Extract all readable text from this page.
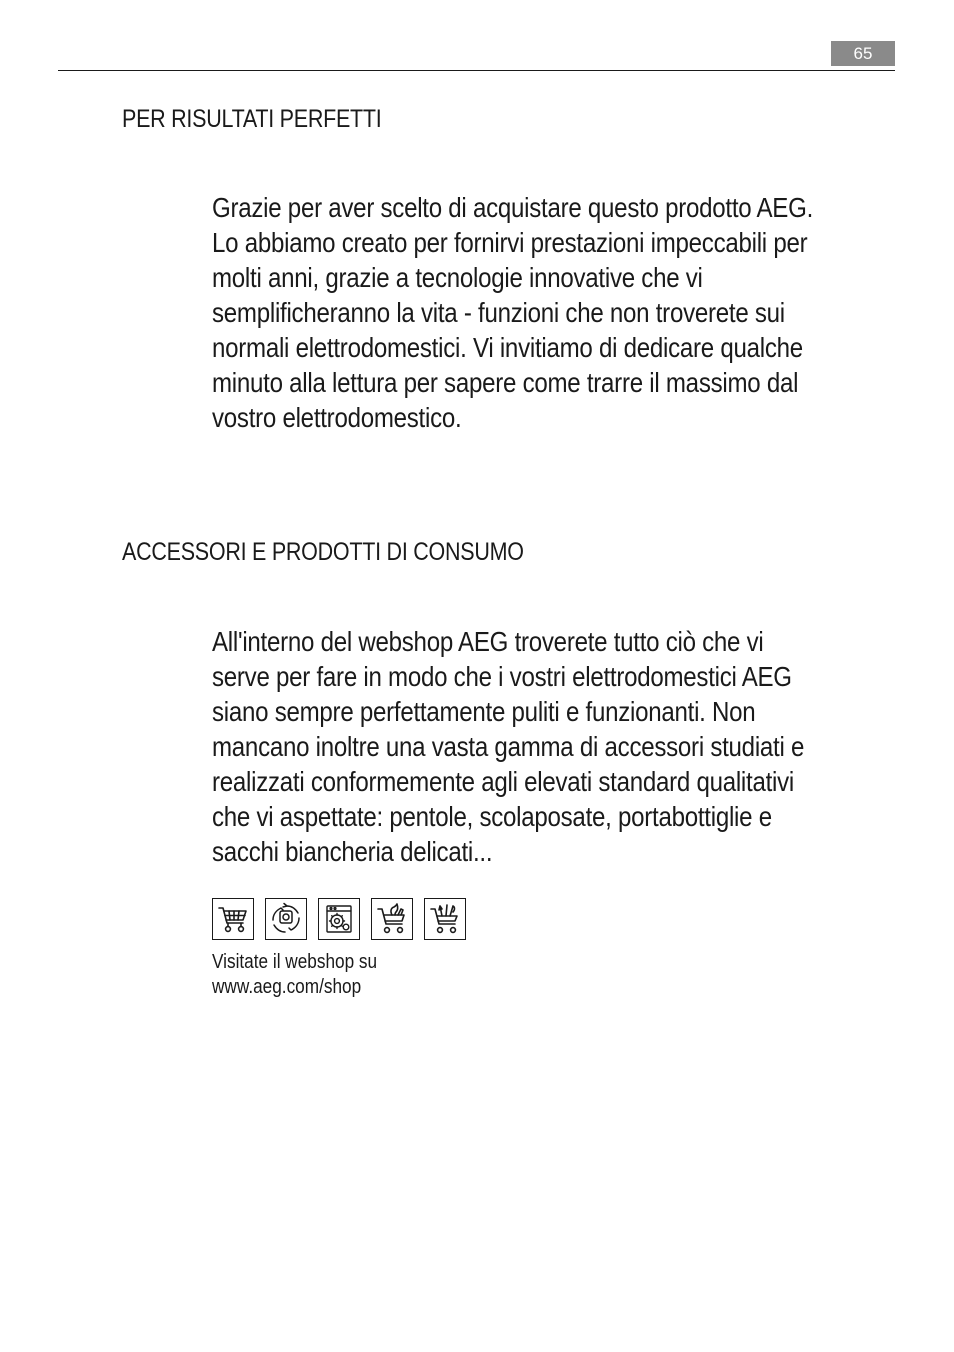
65
PER RISULTATI PERFETTI

Grazie per aver scelto di acquistare questo prodotto AEG.
Lo abbiamo creato per fornirvi prestazioni impeccabili per
molti anni, grazie a tecnologie innovative che vi
semplificheranno la vita - funzioni che non troverete sui
normali elettrodomestici. Vi invitiamo di dedicare qualche
minuto alla lettura per sapere come trarre il massimo dal
vostro elettrodomestico.

ACCESSORI E PRODOTTI DI CONSUMO

All'interno del webshop AEG troverete tutto ciò che vi
serve per fare in modo che i vostri elettrodomestici AEG
siano sempre perfettamente puliti e funzionanti. Non
mancano inoltre una vasta gamma di accessori studiati e
realizzati conformemente agli elevati standard qualitativi
che vi aspettate: pentole, scolaposate, portabottiglie e
sacchi biancheria delicati...

Visitate il webshop su
www.aeg.com/shop
